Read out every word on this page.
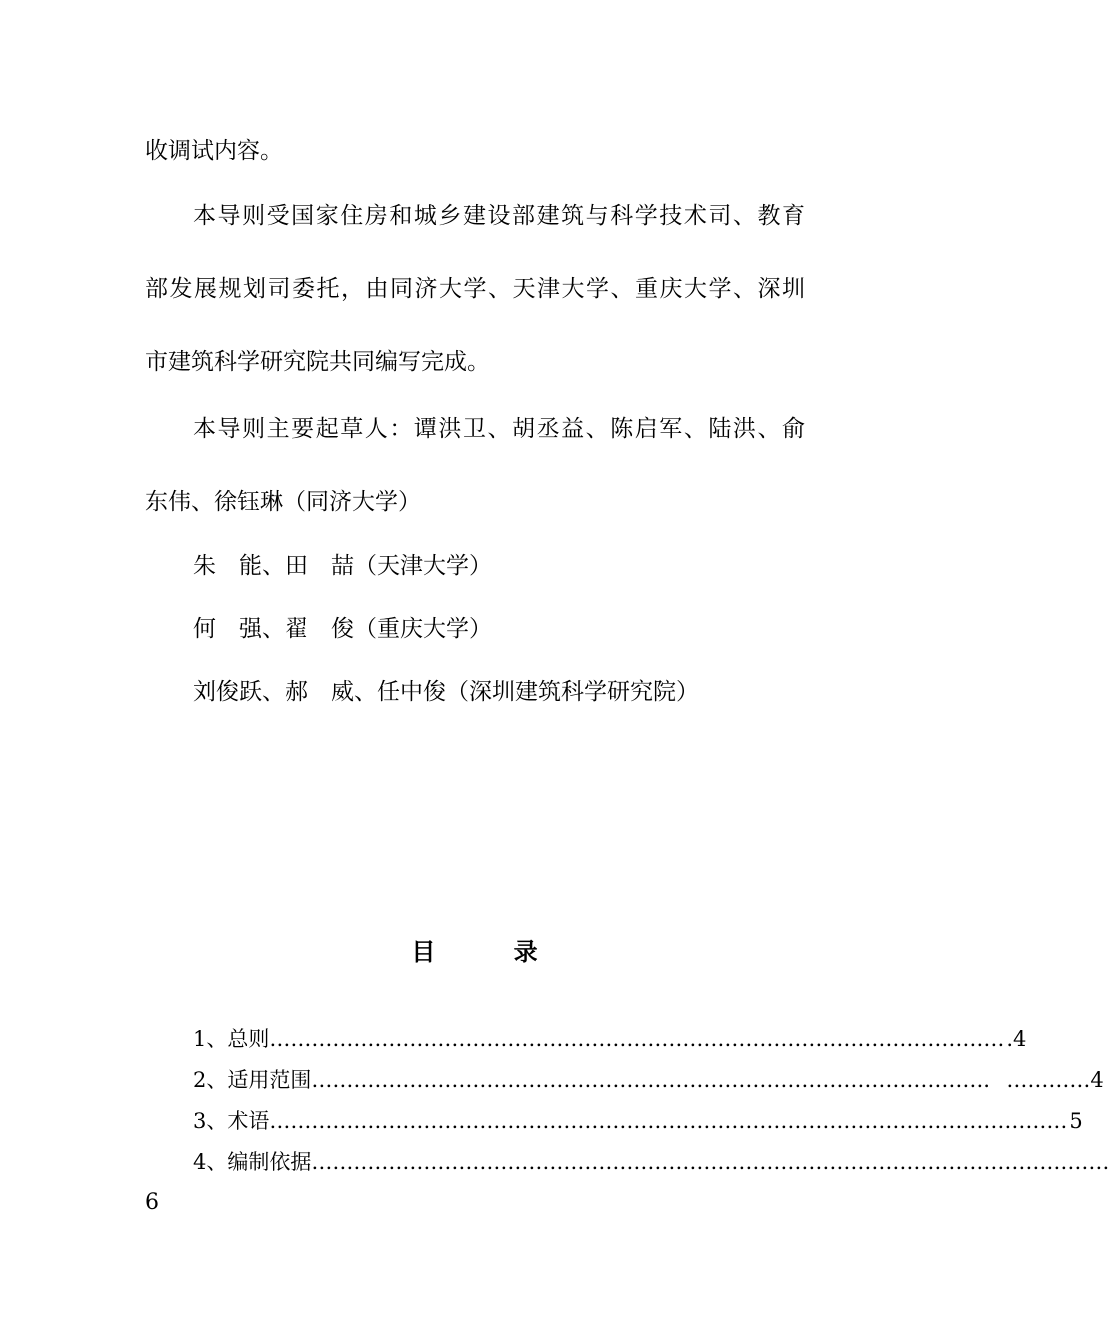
收调试内容。
本导则受国家住房和城乡建设部建筑与科学技术司、教育
部发展规划司委托，由同济大学、天津大学、重庆大学、深圳
市建筑科学研究院共同编写完成。
本导则主要起草人：谭洪卫、胡丞益、陈启军、陆洪、俞
东伟、徐钰琳（同济大学）
朱　能、田　喆（天津大学）
何　强、翟　俊（重庆大学）
刘俊跃、郝　威、任中俊（深圳建筑科学研究院）
目	录
1、总则 …………………………………………………………………………………………… .4
2、适用范围 ……………………………………………………………………………………． …………4
3、术语 …………………………………………………………………………………………………… 5
4、编制依据 ……………………………………………………………………………………………………
6
